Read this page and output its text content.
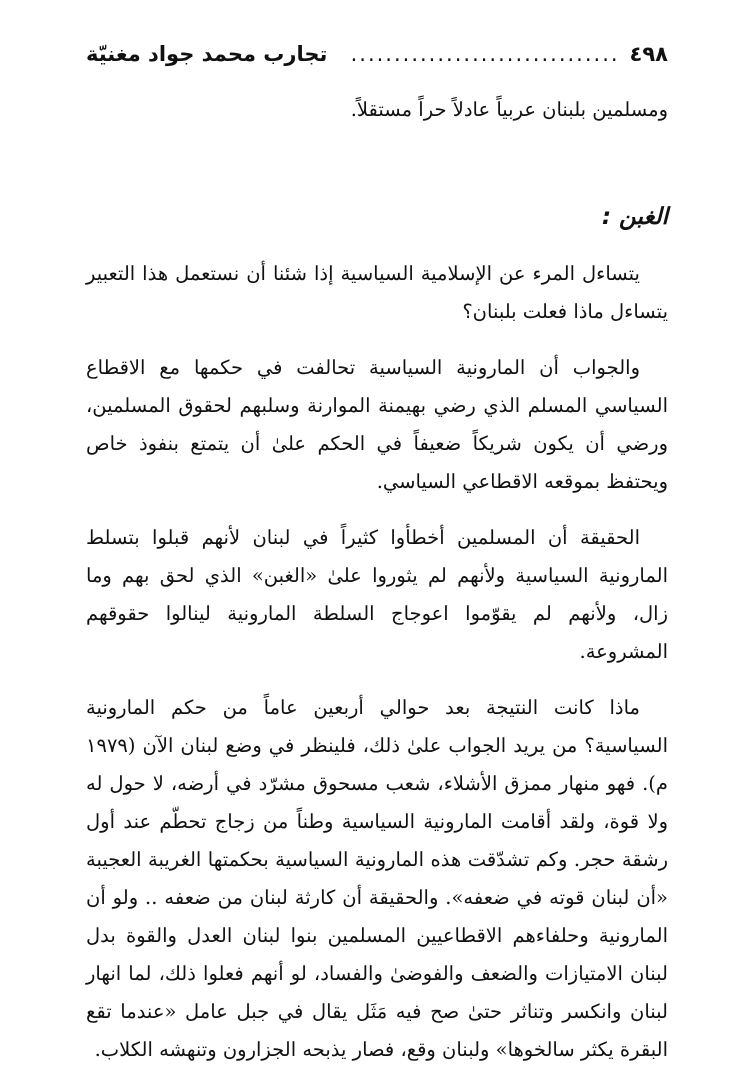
٤٩٨
...............................
تجارب محمد جواد مغنيّة

ومسلمين بلبنان عربياً عادلاً حراً مستقلاً.

الغبن :

يتساءل المرء عن الإسلامية السياسية إذا شئنا أن نستعمل هذا التعبير يتساءل ماذا فعلت بلبنان؟

والجواب أن المارونية السياسية تحالفت في حكمها مع الاقطاع السياسي المسلم الذي رضي بهيمنة الموارنة وسلبهم لحقوق المسلمين، ورضي أن يكون شريكاً ضعيفاً في الحكم علىٰ أن يتمتع بنفوذ خاص ويحتفظ بموقعه الاقطاعي السياسي.

الحقيقة أن المسلمين أخطأوا كثيراً في لبنان لأنهم قبلوا بتسلط المارونية السياسية ولأنهم لم يثوروا علىٰ «الغبن» الذي لحق بهم وما زال، ولأنهم لم يقوّموا اعوجاج السلطة المارونية لينالوا حقوقهم المشروعة.

ماذا كانت النتيجة بعد حوالي أربعين عاماً من حكم المارونية السياسية؟ من يريد الجواب علىٰ ذلك، فلينظر في وضع لبنان الآن (١٩٧٩ م). فهو منهار ممزق الأشلاء، شعب مسحوق مشرّد في أرضه، لا حول له ولا قوة، ولقد أقامت المارونية السياسية وطناً من زجاج تحطّم عند أول رشقة حجر. وكم تشدّقت هذه المارونية السياسية بحكمتها الغريبة العجيبة «أن لبنان قوته في ضعفه». والحقيقة أن كارثة لبنان من ضعفه .. ولو أن المارونية وحلفاءهم الاقطاعيين المسلمين بنوا لبنان العدل والقوة بدل لبنان الامتيازات والضعف والفوضىٰ والفساد، لو أنهم فعلوا ذلك، لما انهار لبنان وانكسر وتناثر حتىٰ صح فيه مَثَل يقال في جبل عامل «عندما تقع البقرة يكثر سالخوها» ولبنان وقع، فصار يذبحه الجزارون وتنهشه الكلاب.
